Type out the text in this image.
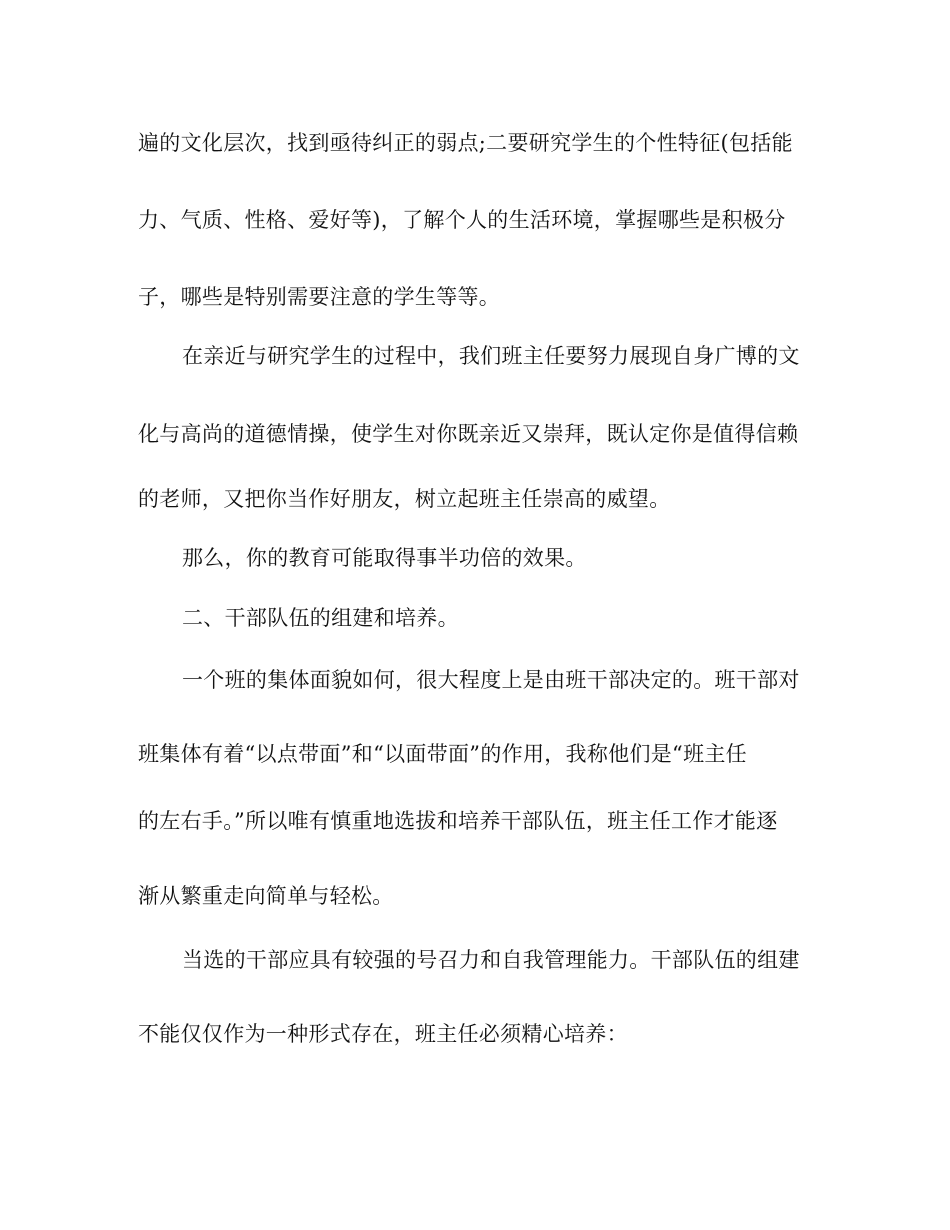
遍的文化层次，找到亟待纠正的弱点;二要研究学生的个性特征(包括能

力、气质、性格、爱好等)，了解个人的生活环境，掌握哪些是积极分

子，哪些是特别需要注意的学生等等。

在亲近与研究学生的过程中，我们班主任要努力展现自身广博的文

化与高尚的道德情操，使学生对你既亲近又崇拜，既认定你是值得信赖

的老师，又把你当作好朋友，树立起班主任崇高的威望。

那么，你的教育可能取得事半功倍的效果。

二、干部队伍的组建和培养。

一个班的集体面貌如何，很大程度上是由班干部决定的。班干部对

班集体有着“以点带面”和“以面带面”的作用，我称他们是“班主任

的左右手。”所以唯有慎重地选拔和培养干部队伍，班主任工作才能逐

渐从繁重走向简单与轻松。

当选的干部应具有较强的号召力和自我管理能力。干部队伍的组建

不能仅仅作为一种形式存在，班主任必须精心培养：
